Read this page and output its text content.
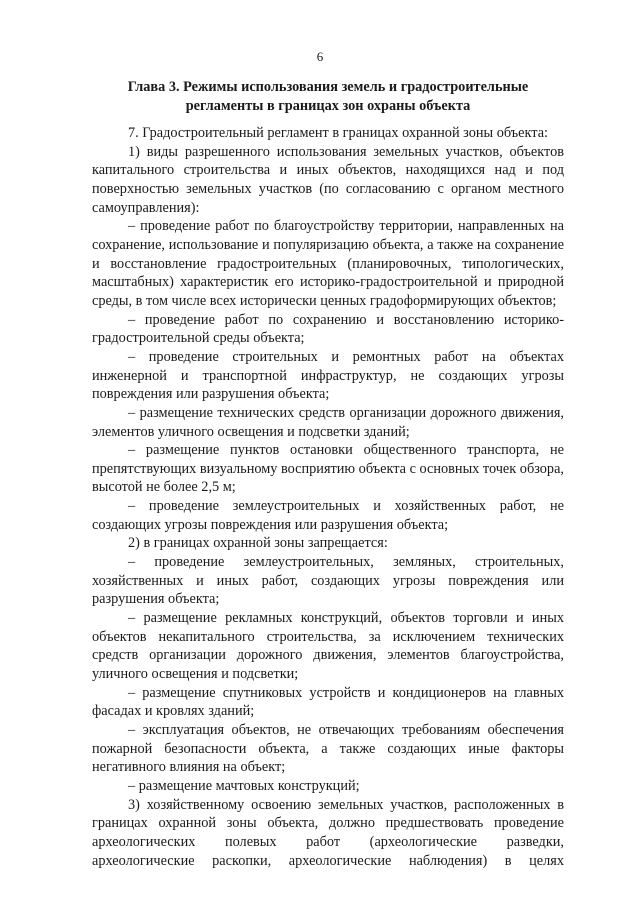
6
Глава 3. Режимы использования земель и градостроительные
регламенты в границах зон охраны объекта

7. Градостроительный регламент в границах охранной зоны объекта:

1) виды разрешенного использования земельных участков, объектов капитального строительства и иных объектов, находящихся над и под поверхностью земельных участков (по согласованию с органом местного самоуправления):

– проведение работ по благоустройству территории, направленных на сохранение, использование и популяризацию объекта, а также на сохранение и восстановление градостроительных (планировочных, типологических, масштабных) характеристик его историко-градостроительной и природной среды, в том числе всех исторически ценных градоформирующих объектов;

– проведение работ по сохранению и восстановлению историко-градостроительной среды объекта;

– проведение строительных и ремонтных работ на объектах инженерной и транспортной инфраструктур, не создающих угрозы повреждения или разрушения объекта;

– размещение технических средств организации дорожного движения, элементов уличного освещения и подсветки зданий;

– размещение пунктов остановки общественного транспорта, не препятствующих визуальному восприятию объекта с основных точек обзора, высотой не более 2,5 м;

– проведение землеустроительных и хозяйственных работ, не создающих угрозы повреждения или разрушения объекта;

2) в границах охранной зоны запрещается:

– проведение землеустроительных, земляных, строительных, хозяйственных и иных работ, создающих угрозы повреждения или разрушения объекта;

– размещение рекламных конструкций, объектов торговли и иных объектов некапитального строительства, за исключением технических средств организации дорожного движения, элементов благоустройства, уличного освещения и подсветки;

– размещение спутниковых устройств и кондиционеров на главных фасадах и кровлях зданий;

– эксплуатация объектов, не отвечающих требованиям обеспечения пожарной безопасности объекта, а также создающих иные факторы негативного влияния на объект;

– размещение мачтовых конструкций;

3) хозяйственному освоению земельных участков, расположенных в границах охранной зоны объекта, должно предшествовать проведение археологических полевых работ (археологические разведки, археологические раскопки, археологические наблюдения) в целях
